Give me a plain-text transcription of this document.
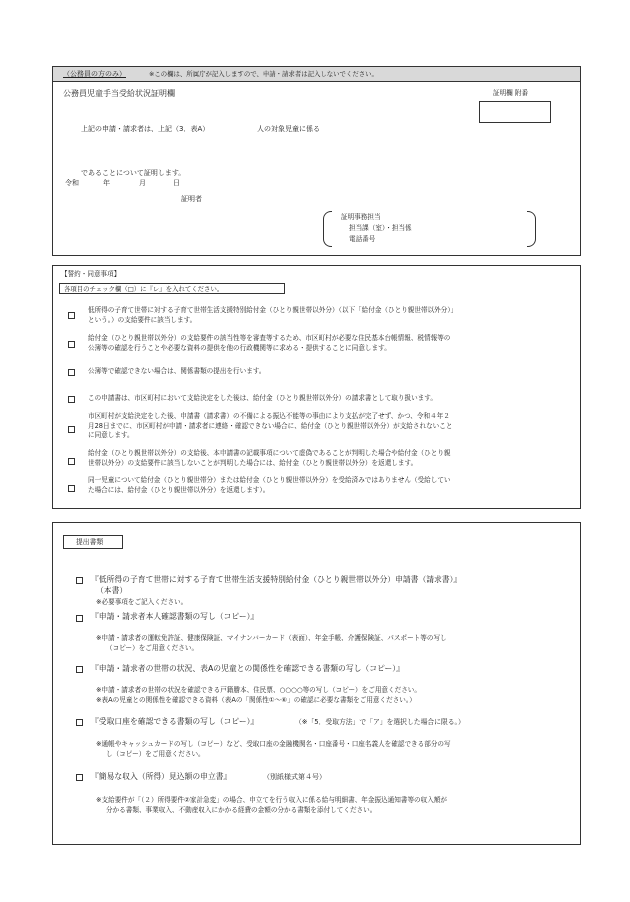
（公務員の方のみ）	※この欄は、所属庁が記入しますので、申請・請求者は記入しないでください。
公務員児童手当受給状況証明欄	証明欄 附番
上記の申請・請求者は、上記（3．表A）	人の対象児童に係る
であることについて証明します。
令和	年	月	日
証明者
証明事務担当
担当課（室）・担当係
電話番号
【誓約・同意事項】
各項目のチェック欄（□）に『レ』を入れてください。
低所得の子育て世帯に対する子育て世帯生活支援特別給付金（ひとり親世帯以外分）（以下「給付金（ひとり親世帯以外分）」
という。）の支給要件に該当します。
給付金（ひとり親世帯以外分）の支給要件の該当性等を審査等するため、市区町村が必要な住民基本台帳情報、税情報等の
公簿等の確認を行うことや必要な資料の提供を他の行政機関等に求める・提供することに同意します。
公簿等で確認できない場合は、関係書類の提出を行います。
この申請書は、市区町村において支給決定をした後は、給付金（ひとり親世帯以外分）の請求書として取り扱います。
市区町村が支給決定をした後、申請書（請求書）の不備による振込不能等の事由により支払が完了せず、かつ、令和４年２
月28日までに、市区町村が申請・請求者に連絡・確認できない場合に、給付金（ひとり親世帯以外分）が支給されないこと
に同意します。
給付金（ひとり親世帯以外分）の支給後、本申請書の記載事項について虚偽であることが判明した場合や給付金（ひとり親
世帯以外分）の支給要件に該当しないことが判明した場合には、給付金（ひとり親世帯以外分）を返還します。
同一児童について給付金（ひとり親世帯分）または給付金（ひとり親世帯以外分）を受給済みではありません（受給してい
た場合には、給付金（ひとり親世帯以外分）を返還します）。
提出書類
『低所得の子育て世帯に対する子育て世帯生活支援特別給付金（ひとり親世帯以外分）申請書（請求書）』
（本書）
※必要事項をご記入ください。
『申請・請求者本人確認書類の写し（コピー）』
※申請・請求者の運転免許証、健康保険証、マイナンバーカード（表面）、年金手帳、介護保険証、パスポート等の写し
（コピー）をご用意ください。
『申請・請求者の世帯の状況、表Aの児童との関係性を確認できる書類の写し（コピー）』
※申請・請求者の世帯の状況を確認できる戸籍謄本、住民票、○○○○等の写し（コピー）をご用意ください。
※表Aの児童との関係性を確認できる資料（表Aの「関係性①〜⑥」の確認に必要な書類をご用意ください。）
『受取口座を確認できる書類の写し（コピー）』	（※「5．受取方法」で「ア」を選択した場合に限る。）
※通帳やキャッシュカードの写し（コピー）など、受取口座の金融機関名・口座番号・口座名義人を確認できる部分の写
し（コピー）をご用意ください。
『簡易な収入（所得）見込額の申立書』	（別紙様式第４号）
※支給要件が「（２）所得要件②家計急変」の場合、申立てを行う収入に係る給与明細書、年金振込通知書等の収入額が
分かる書類、事業収入、不動産収入にかかる経費の金額の分かる書類を添付してください。
